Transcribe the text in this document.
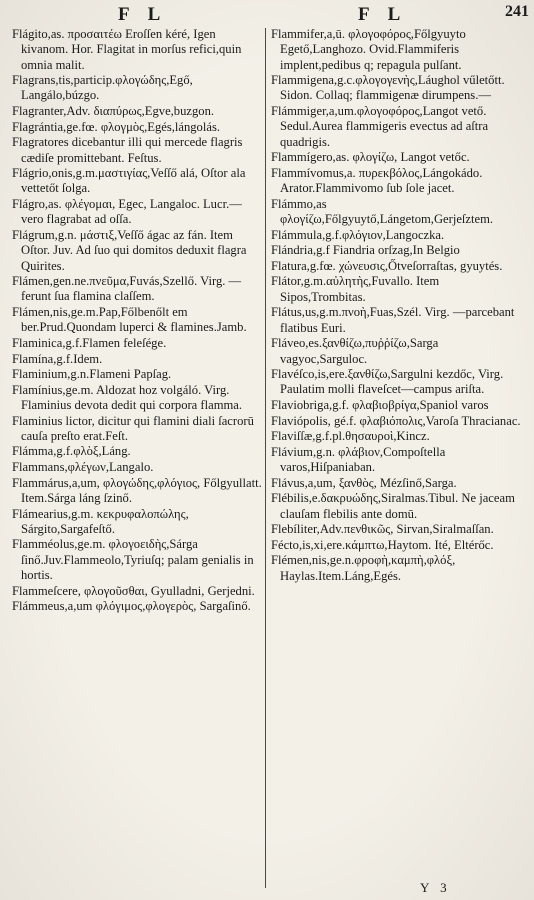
F L	F L	241
Flágito,as. προσαιτέω Eroſſen kéré, Igen kivanom. Hor. Flagitat in morſus refici,quin omnia malit.
Flagrans,tis,particip.φλογώδης,Egő, Langálo,búzgo.
Flagranter,Adv. διαπύρως,Egve,buzgon.
Flagrántia,ge.fœ. φλογμὸς,Egés,lángolás.
Flagratores dicebantur illi qui mercede flagris cædiſe promittebant. Feſtus.
Flágrio,onis,g.m.μαστιγίας,Veſſő alá, Oſtor ala vettetőt ſolga.
Flágro,as. φλέγομαι, Egec, Langaloc. Lucr.—vero flagrabat ad oſſa.
Flágrum,g.n. μάστιξ,Veſſő ágac az fán. Item Oſtor. Juv. Ad ſuo qui domitos deduxit flagra Quirites.
Flámen,gen.ne.πνεῦμα,Fuvás,Szellő. Virg. —ferunt ſua flamina claſſem.
Flámen,nis,ge.m.Pap,Főlbenőlt em ber.Prud.Quondam luperci & flamines.Jamb.
Flaminica,g.f.Flamen feleſége.
Flamína,g.f.Idem.
Flaminium,g.n.Flameni Papſag.
Flamínius,ge.m. Aldozat hoz volgáló. Virg. Flaminius devota dedit qui corpora flamma.
Flaminius lictor, dicitur qui flamini diali ſacrorū cauſa preſto erat.Feſt.
Flámma,g.f.φλὸξ,Láng.
Flammans,φλέγων,Langalo.
Flammárus,a,um, φλογώδης,φλόγιος, Főlgyullatt. Item.Sárga láng ſzinő.
Flámearius,g.m. κεκρυφαλοπώλης, Sárgito,Sargafeſtő.
Flamméolus,ge.m. φλογοειδὴς,Sárga ſinő.Juv.Flammeolo,Tyriuſq; palam genialis in hortis.
Flammeſcere, φλογοῦσθαι, Gyulladni, Gerjedni.
Flámmeus,a,um φλόγιμος,φλογερὸς, Sargaſinő.
Flammifer,a,ū. φλογοφόρος,Főlgyuyto Egető,Langhozo. Ovid.Flammiferis implent,pedibus q; repagula pulſant.
Flammigena,g.c.φλογογενὴς,Láughol vűletőtt. Sidon. Collaq; flammigenæ dirumpens.—
Flámmiger,a,um.φλογοφόρος,Langot vető. Sedul.Aurea flammigeris evectus ad aſtra quadrigis.
Flammígero,as. φλογίζω, Langot vetőc.
Flammívomus,a. πυρεκβόλος,Lángokádo. Arator.Flammivomo ſub ſole jacet.
Flámmo,as φλογίζω,Főlgyuytő,Lángetom,Gerjeſztem.
Flámmula,g.f.φλόγιον,Langoczka.
Flándria,g.f Fiandria orſzag,In Belgio
Flatura,g.fœ. χώνευσις,Őtveſorraſtas, gyuytés.
Flátor,g.m.αὐλητὴς,Fuvallo. Item Sipos,Trombitas.
Flátus,us,g.m.πνοὴ,Fuas,Szél. Virg. —parcebant flatibus Euri.
Fláveo,es.ξανθίζω,πυῤῥίζω,Sarga vagyoc,Sarguloc.
Flavéſco,is,ere.ξανθίζω,Sargulni kezdőc, Virg. Paulatim molli flaveſcet—campus ariſta.
Flaviobriga,g.f. φλαβιοβρίγα,Spaniol varos
Flaviópolis, gé.f. φλαβιόπολις,Varoſa Thracianac.
Flaviſſæ,g.f.pl.θησαυροὶ,Kincz.
Flávium,g.n. φλάβιον,Compoſtella varos,Hiſpaniaban.
Flávus,a,um, ξανθὸς, Mézſinő,Sarga.
Flébilis,e.δακρυώδης,Siralmas.Tibul. Ne jaceam clauſam flebilis ante domū.
Flebíliter,Adv.πενθικῶς, Sirvan,Siralmaſſan.
Fécto,is,xi,ere.κάμπτω,Haytom. Ité, Eltérőc.
Flémen,nis,ge.n.φροφὴ,καμπὴ,φλόξ, Haylas.Item.Láng,Egés.
Y 3
